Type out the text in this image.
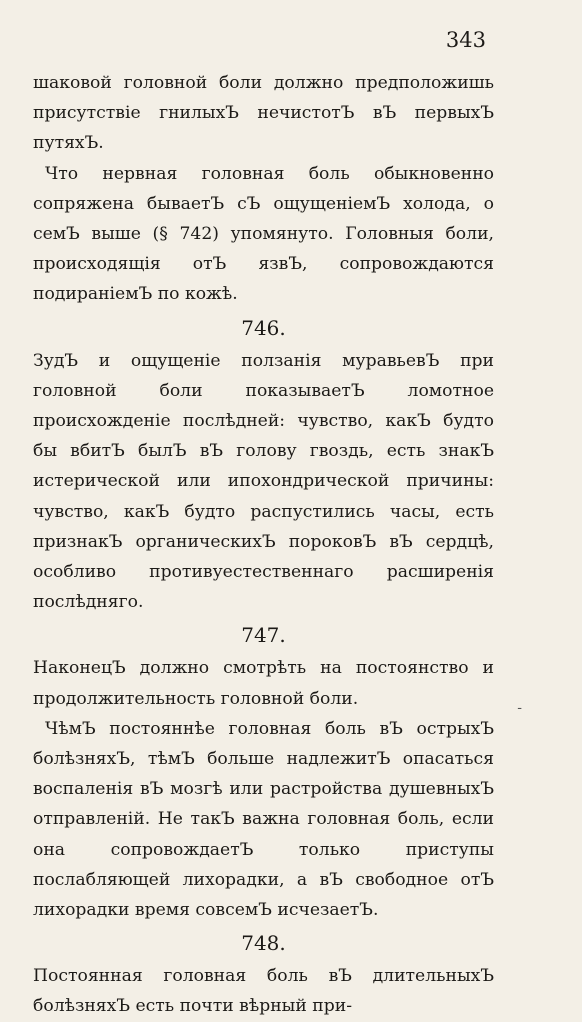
343

шаковой головной боли должно предположишь присутствіе гнилыхЪ нечистотЪ вЪ первыхЪ путяхЪ.

Что нервная головная боль обыкновенно сопряжена бываетЪ сЪ ощущеніемЪ холода, о семЪ выше (§ 742) упомянуто. Головныя боли, происходящія отЪ язвЪ, сопровождаются подираніемЪ по кожѣ.

746.

ЗудЪ и ощущеніе ползанія муравьевЪ при головной боли показываетЪ ломотное происхожденіе послѣдней: чувство, какЪ будто бы вбитЪ былЪ вЪ голову гвоздь, есть знакЪ истерической или ипохондрической причины: чувство, какЪ будто распустились часы, есть признакЪ органическихЪ пороковЪ вЪ сердцѣ, особливо противуестественнаго расширенія послѣдняго.

747.

НаконецЪ должно смотрѣть на постоянство и продолжительность головной боли.

ЧѣмЪ постояннѣе головная боль вЪ острыхЪ болѣзняхЪ, тѣмЪ больше надлежитЪ опасаться воспаленія вЪ мозгѣ или растройства душевныхЪ отправленій. Не такЪ важна головная боль, если она сопровождаетЪ только приступы послабляющей лихорадки, а вЪ свободное отЪ лихорадки время совсемЪ исчезаетЪ.

748.

Постоянная головная боль вЪ длительныхЪ болѣзняхЪ есть почти вѣрный при-

-
